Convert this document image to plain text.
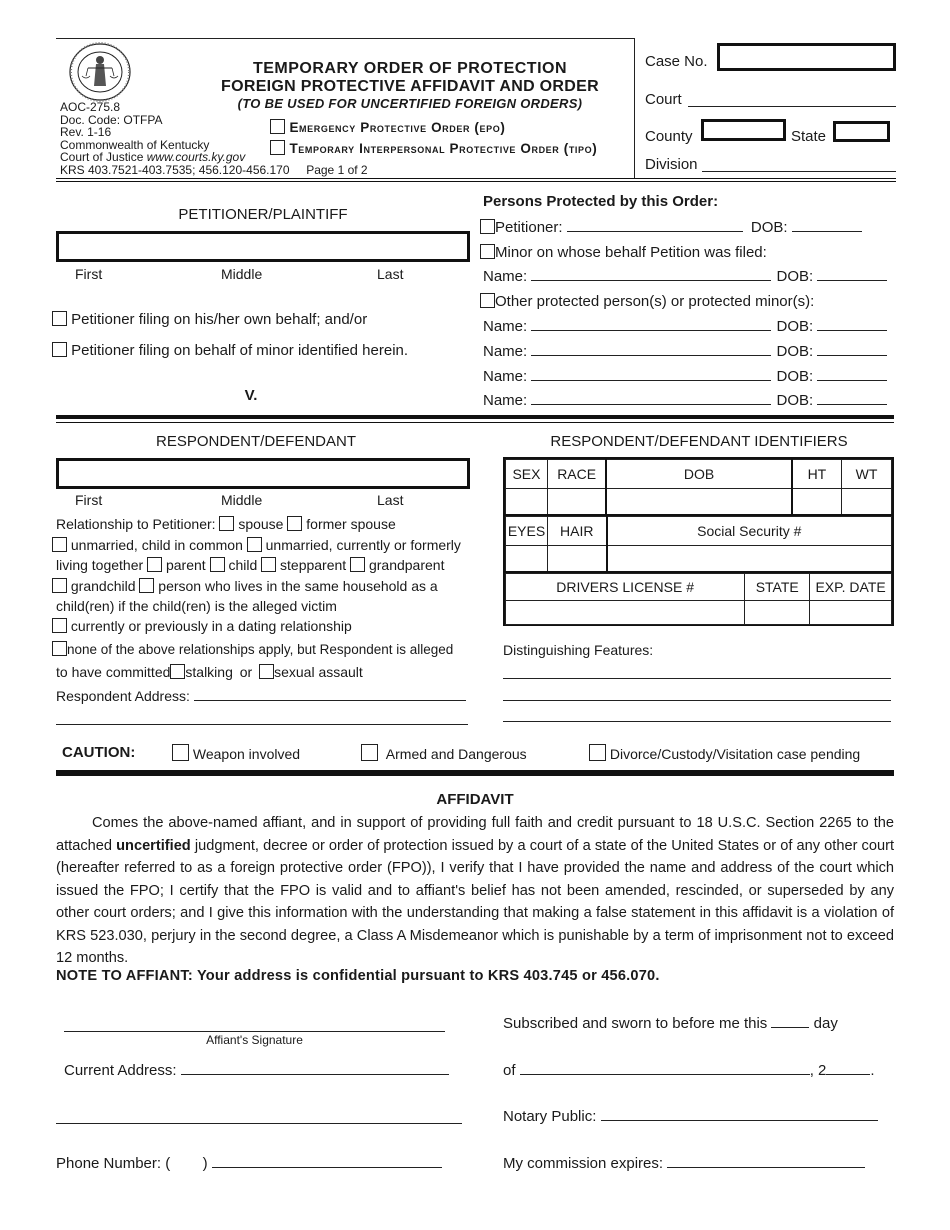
AOC-275.8
Doc. Code: OTFPA
Rev. 1-16
Commonwealth of Kentucky
Court of Justice www.courts.ky.gov
KRS 403.7521-403.7535; 456.120-456.170 Page 1 of 2
TEMPORARY ORDER OF PROTECTION
FOREIGN PROTECTIVE AFFIDAVIT AND ORDER
(TO BE USED FOR UNCERTIFIED FOREIGN ORDERS)
Emergency Protective Order (epo)
Temporary Interpersonal Protective Order (tipo)
Case No.
Court
County	State
Division
PETITIONER/PLAINTIFF
First	Middle	Last
Petitioner filing on his/her own behalf; and/or
Petitioner filing on behalf of minor identified herein.
V.
Persons Protected by this Order:
Petitioner:	DOB:
Minor on whose behalf Petition was filed:
Name:	DOB:
Other protected person(s) or protected minor(s):
Name:	DOB:
Name:	DOB:
Name:	DOB:
Name:	DOB:
RESPONDENT/DEFENDANT
First	Middle	Last
Relationship to Petitioner: spouse former spouse
unmarried, child in common unmarried, currently or formerly
living together parent child stepparent grandparent
grandchild person who lives in the same household as a
child(ren) if the child(ren) is the alleged victim
currently or previously in a dating relationship
none of the above relationships apply, but Respondent is alleged
to have committed stalking or sexual assault
Respondent Address:
RESPONDENT/DEFENDANT IDENTIFIERS
SEX	RACE	DOB	HT	WT

EYES	HAIR	Social Security #

DRIVERS LICENSE #	STATE	EXP. DATE

Distinguishing Features:
CAUTION:	Weapon involved	Armed and Dangerous	Divorce/Custody/Visitation case pending
AFFIDAVIT
Comes the above-named affiant, and in support of providing full faith and credit pursuant to 18 U.S.C. Section 2265 to the attached uncertified judgment, decree or order of protection issued by a court of a state of the United States or of any other court (hereafter referred to as a foreign protective order (FPO)), I verify that I have provided the name and address of the court which issued the FPO; I certify that the FPO is valid and to affiant's belief has not been amended, rescinded, or superseded by any other court orders; and I give this information with the understanding that making a false statement in this affidavit is a violation of KRS 523.030, perjury in the second degree, a Class A Misdemeanor which is punishable by a term of imprisonment not to exceed 12 months.
NOTE TO AFFIANT: Your address is confidential pursuant to KRS 403.745 or 456.070.
Affiant's Signature
Current Address:
Phone Number: ( )
Subscribed and sworn to before me this	day
of	, 2	.
Notary Public:
My commission expires:
